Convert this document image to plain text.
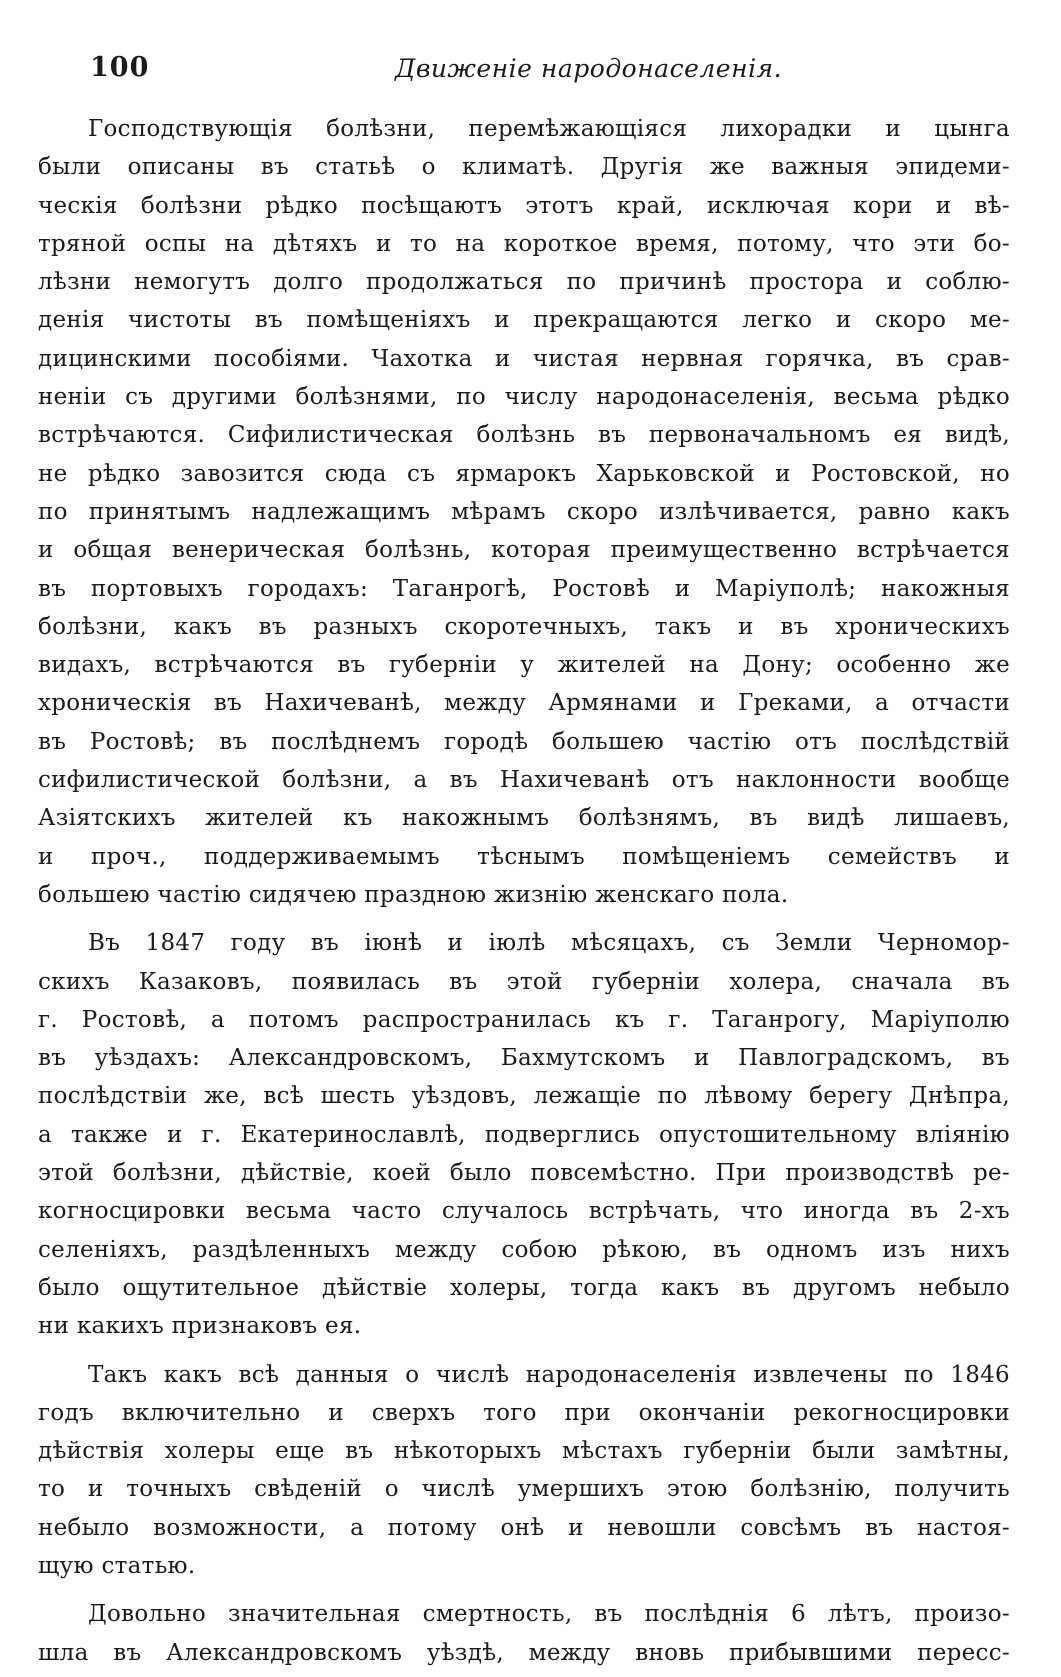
100	Движеніе народонаселенія.
Господствующія болѣзни, перемѣжающіяся лихорадки и цынга
были описаны въ статьѣ о климатѣ. Другія же важныя эпидеми-
ческія болѣзни рѣдко посѣщаютъ этотъ край, исключая кори и вѣ-
тряной оспы на дѣтяхъ и то на короткое время, потому, что эти бо-
лѣзни немогутъ долго продолжаться по причинѣ простора и соблю-
денія чистоты въ помѣщеніяхъ и прекращаются легко и скоро ме-
дицинскими пособіями. Чахотка и чистая нервная горячка, въ срав-
неніи съ другими болѣзнями, по числу народонаселенія, весьма рѣдко
встрѣчаются. Сифилистическая болѣзнь въ первоначальномъ ея видѣ,
не рѣдко завозится сюда съ ярмарокъ Харьковской и Ростовской, но
по принятымъ надлежащимъ мѣрамъ скоро излѣчивается, равно какъ
и общая венерическая болѣзнь, которая преимущественно встрѣчается
въ портовыхъ городахъ: Таганрогѣ, Ростовѣ и Маріуполѣ; накожныя
болѣзни, какъ въ разныхъ скоротечныхъ, такъ и въ хроническихъ
видахъ, встрѣчаются въ губерніи у жителей на Дону; особенно же
хроническія въ Нахичеванѣ, между Армянами и Греками, а отчасти
въ Ростовѣ; въ послѣднемъ городѣ большею частію отъ послѣдствій
сифилистической болѣзни, а въ Нахичеванѣ отъ наклонности вообще
Азіятскихъ жителей къ накожнымъ болѣзнямъ, въ видѣ лишаевъ,
и проч., поддерживаемымъ тѣснымъ помѣщеніемъ семействъ и
большею частію сидячею праздною жизнію женскаго пола.
Въ 1847 году въ іюнѣ и іюлѣ мѣсяцахъ, съ Земли Черномор-
скихъ Казаковъ, появилась въ этой губерніи холера, сначала въ
г. Ростовѣ, а потомъ распространилась къ г. Таганрогу, Маріуполю
въ уѣздахъ: Александровскомъ, Бахмутскомъ и Павлоградскомъ, въ
послѣдствіи же, всѣ шесть уѣздовъ, лежащіе по лѣвому берегу Днѣпра,
а также и г. Екатеринославлѣ, подверглись опустошительному вліянію
этой болѣзни, дѣйствіе, коей было повсемѣстно. При производствѣ ре-
когносцировки весьма часто случалось встрѣчать, что иногда въ 2-хъ
селеніяхъ, раздѣленныхъ между собою рѣкою, въ одномъ изъ нихъ
было ощутительное дѣйствіе холеры, тогда какъ въ другомъ небыло
ни какихъ признаковъ ея.
Такъ какъ всѣ данныя о числѣ народонаселенія извлечены по 1846
годъ включительно и сверхъ того при окончаніи рекогносцировки
дѣйствія холеры еще въ нѣкоторыхъ мѣстахъ губерніи были замѣтны,
то и точныхъ свѣденій о числѣ умершихъ этою болѣзнію, получить
небыло возможности, а потому онѣ и невошли совсѣмъ въ настоя-
щую статью.
Довольно значительная смертность, въ послѣднія 6 лѣтъ, произо-
шла въ Александровскомъ уѣздѣ, между вновь прибывшими пересс-
